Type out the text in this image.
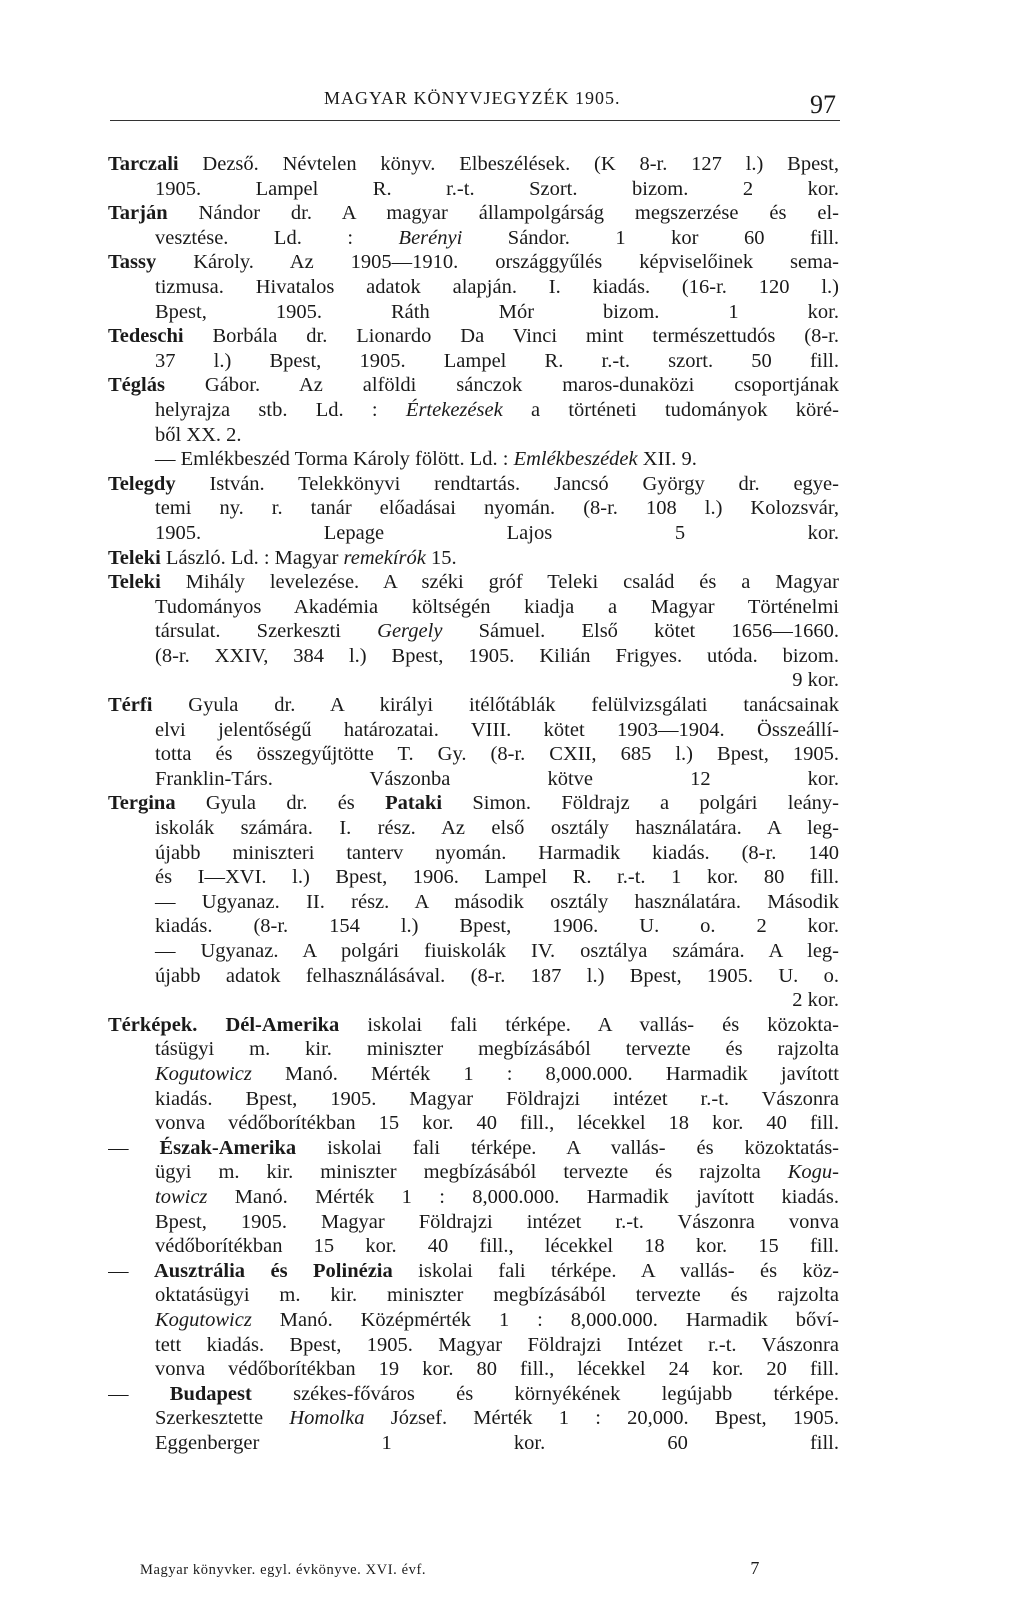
MAGYAR KÖNYVJEGYZÉK 1905.	97
Tarczali Dezső. Névtelen könyv. Elbeszélések. (K 8-r. 127 l.) Bpest,
1905. Lampel R. r.-t. Szort. bizom. 2 kor.
Tarján Nándor dr. A magyar állampolgárság megszerzése és el-
vesztése. Ld. : Berényi Sándor. 1 kor 60 fill.
Tassy Károly. Az 1905—1910. országgyűlés képviselőinek sema-
tizmusa. Hivatalos adatok alapján. I. kiadás. (16-r. 120 l.)
Bpest, 1905. Ráth Mór bizom. 1 kor.
Tedeschi Borbála dr. Lionardo Da Vinci mint természettudós (8-r.
37 l.) Bpest, 1905. Lampel R. r.-t. szort. 50 fill.
Téglás Gábor. Az alföldi sánczok maros-dunaközi csoportjának
helyrajza stb. Ld. : Értekezések a történeti tudományok köré-
ből XX. 2.
— Emlékbeszéd Torma Károly fölött. Ld. : Emlékbeszédek XII. 9.
Telegdy István. Telekkönyvi rendtartás. Jancsó György dr. egye-
temi ny. r. tanár előadásai nyomán. (8-r. 108 l.) Kolozsvár,
1905. Lepage Lajos 5 kor.
Teleki László. Ld. : Magyar remekírók 15.
Teleki Mihály levelezése. A széki gróf Teleki család és a Magyar
Tudományos Akadémia költségén kiadja a Magyar Történelmi
társulat. Szerkeszti Gergely Sámuel. Első kötet 1656—1660.
(8-r. XXIV, 384 l.) Bpest, 1905. Kilián Frigyes. utóda. bizom.
9 kor.
Térfi Gyula dr. A királyi itélőtáblák felülvizsgálati tanácsainak
elvi jelentőségű határozatai. VIII. kötet 1903—1904. Összeállí-
totta és összegyűjtötte T. Gy. (8-r. CXII, 685 l.) Bpest, 1905.
Franklin-Társ. Vászonba kötve 12 kor.
Tergina Gyula dr. és Pataki Simon. Földrajz a polgári leány-
iskolák számára. I. rész. Az első osztály használatára. A leg-
újabb miniszteri tanterv nyomán. Harmadik kiadás. (8-r. 140
és I—XVI. l.) Bpest, 1906. Lampel R. r.-t. 1 kor. 80 fill.
— Ugyanaz. II. rész. A második osztály használatára. Második
kiadás. (8-r. 154 l.) Bpest, 1906. U. o. 2 kor.
— Ugyanaz. A polgári fiuiskolák IV. osztálya számára. A leg-
újabb adatok felhasználásával. (8-r. 187 l.) Bpest, 1905. U. o.
2 kor.
Térképek. Dél-Amerika iskolai fali térképe. A vallás- és közokta-
tásügyi m. kir. miniszter megbízásából tervezte és rajzolta
Kogutowicz Manó. Mérték 1 : 8,000.000. Harmadik javított
kiadás. Bpest, 1905. Magyar Földrajzi intézet r.-t. Vászonra
vonva védőborítékban 15 kor. 40 fill., lécekkel 18 kor. 40 fill.
— Észak-Amerika iskolai fali térképe. A vallás- és közoktatás-
ügyi m. kir. miniszter megbízásából tervezte és rajzolta Kogu-
towicz Manó. Mérték 1 : 8,000.000. Harmadik javított kiadás.
Bpest, 1905. Magyar Földrajzi intézet r.-t. Vászonra vonva
védőborítékban 15 kor. 40 fill., lécekkel 18 kor. 15 fill.
— Ausztrália és Polinézia iskolai fali térképe. A vallás- és köz-
oktatásügyi m. kir. miniszter megbízásából tervezte és rajzolta
Kogutowicz Manó. Középmérték 1 : 8,000.000. Harmadik bőví-
tett kiadás. Bpest, 1905. Magyar Földrajzi Intézet r.-t. Vászonra
vonva védőborítékban 19 kor. 80 fill., lécekkel 24 kor. 20 fill.
— Budapest székes-főváros és környékének legújabb térképe.
Szerkesztette Homolka József. Mérték 1 : 20,000. Bpest, 1905.
Eggenberger 1 kor. 60 fill.
Magyar könyvker. egyl. évkönyve. XVI. évf.	7
